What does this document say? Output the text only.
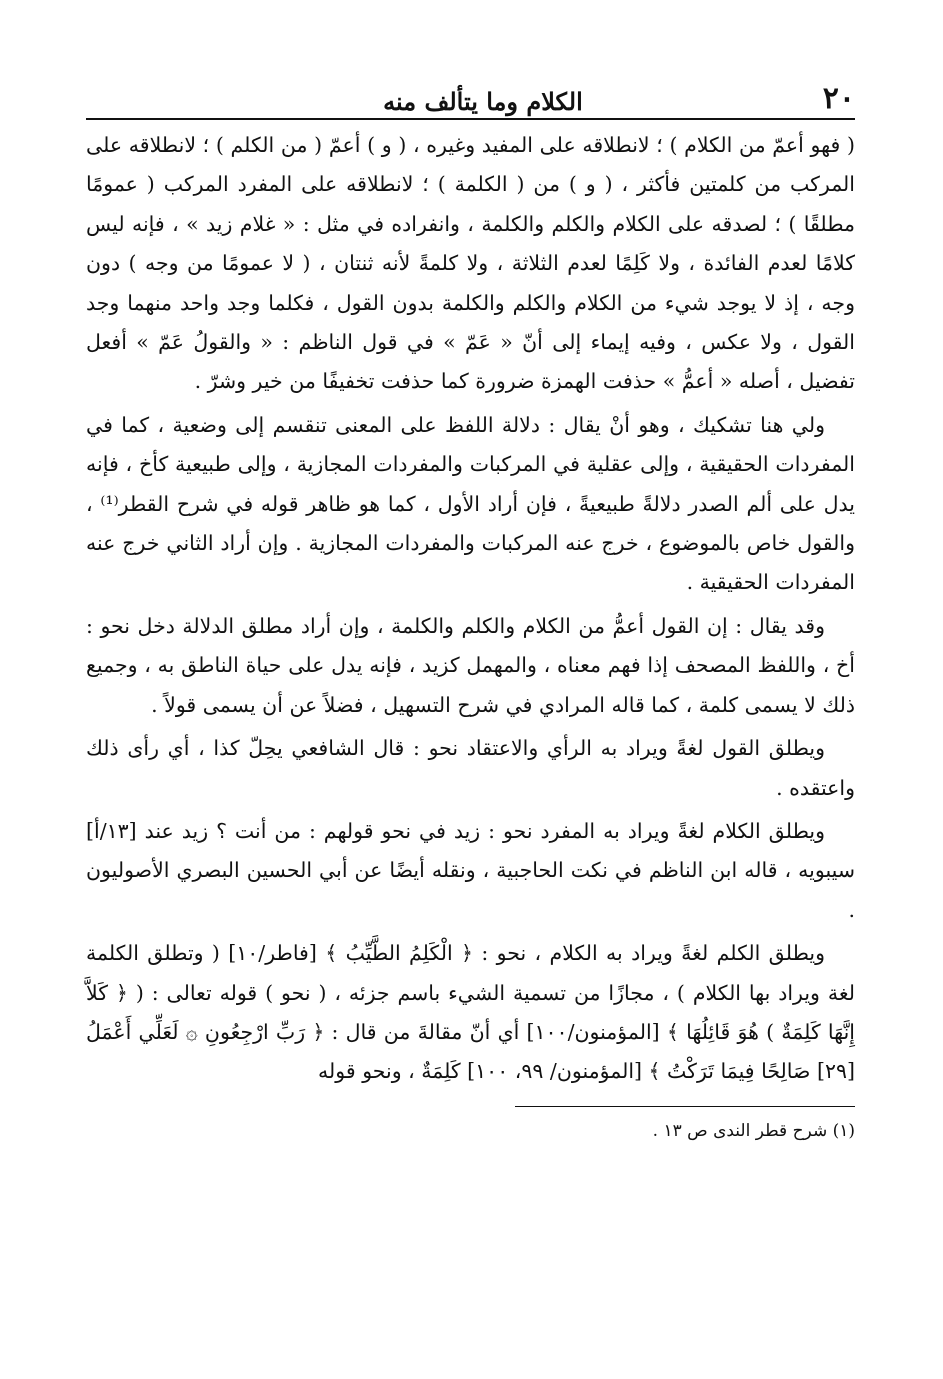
٢٠
الكلام وما يتألف منه

( فهو أعمّ من الكلام ) ؛ لانطلاقه على المفيد وغيره ، ( و ) أعمّ ( من الكلم ) ؛ لانطلاقه على المركب من كلمتين فأكثر ، ( و ) من ( الكلمة ) ؛ لانطلاقه على المفرد المركب ( عمومًا مطلقًا ) ؛ لصدقه على الكلام والكلم والكلمة ، وانفراده في مثل : « غلام زيد » ، فإنه ليس كلامًا لعدم الفائدة ، ولا كَلِمًا لعدم الثلاثة ، ولا كلمةً لأنه ثنتان ، ( لا عمومًا من وجه ) دون وجه ، إذ لا يوجد شيء من الكلام والكلم والكلمة بدون القول ، فكلما وجد واحد منهما وجد القول ، ولا عكس ، وفيه إيماء إلى أنّ « عَمّ » في قول الناظم : « والقولُ عَمّ » أفعل تفضيل ، أصله « أعمُّ » حذفت الهمزة ضرورة كما حذفت تخفيفًا من خير وشرّ .

ولي هنا تشكيك ، وهو أنْ يقال : دلالة اللفظ على المعنى تنقسم إلى وضعية ، كما في المفردات الحقيقية ، وإلى عقلية في المركبات والمفردات المجازية ، وإلى طبيعية كأخ ، فإنه يدل على ألم الصدر دلالةً طبيعيةً ، فإن أراد الأول ، كما هو ظاهر قوله في شرح القطر⁽¹⁾ ، والقول خاص بالموضوع ، خرج عنه المركبات والمفردات المجازية . وإن أراد الثاني خرج عنه المفردات الحقيقية .

وقد يقال : إن القول أعمُّ من الكلام والكلم والكلمة ، وإن أراد مطلق الدلالة دخل نحو : أخ ، واللفظ المصحف إذا فهم معناه ، والمهمل كزيد ، فإنه يدل على حياة الناطق به ، وجميع ذلك لا يسمى كلمة ، كما قاله المرادي في شرح التسهيل ، فضلاً عن أن يسمى قولاً .

ويطلق القول لغةً ويراد به الرأي والاعتقاد نحو : قال الشافعي يحِلّ كذا ، أي رأى ذلك واعتقده .

ويطلق الكلام لغةً ويراد به المفرد نحو : زيد في نحو قولهم : من أنت ؟ زيد عند [١٣/أ] سيبويه ، قاله ابن الناظم في نكت الحاجبية ، ونقله أيضًا عن أبي الحسين البصري الأصوليون .

ويطلق الكلم لغةً ويراد به الكلام ، نحو : ﴿ الْكَلِمُ الطَّيِّبُ ﴾ [فاطر/١٠] ( وتطلق الكلمة لغة ويراد بها الكلام ) ، مجازًا من تسمية الشيء باسم جزئه ، ( نحو ) قوله تعالى : ( ﴿ كَلاَّ إِنَّهَا كَلِمَةٌ ) هُوَ قَائِلُهَا ﴾ [المؤمنون/١٠٠] أي أنّ مقالةَ من قال : ﴿ رَبِّ ارْجِعُونِ ۞ لَعَلِّي أَعْمَلُ [٢٩] صَالِحًا فِيمَا تَرَكْتُ ﴾ [المؤمنون/ ٩٩، ١٠٠] كَلِمَةٌ ، ونحو قوله

(١) شرح قطر الندى ص ١٣ .
